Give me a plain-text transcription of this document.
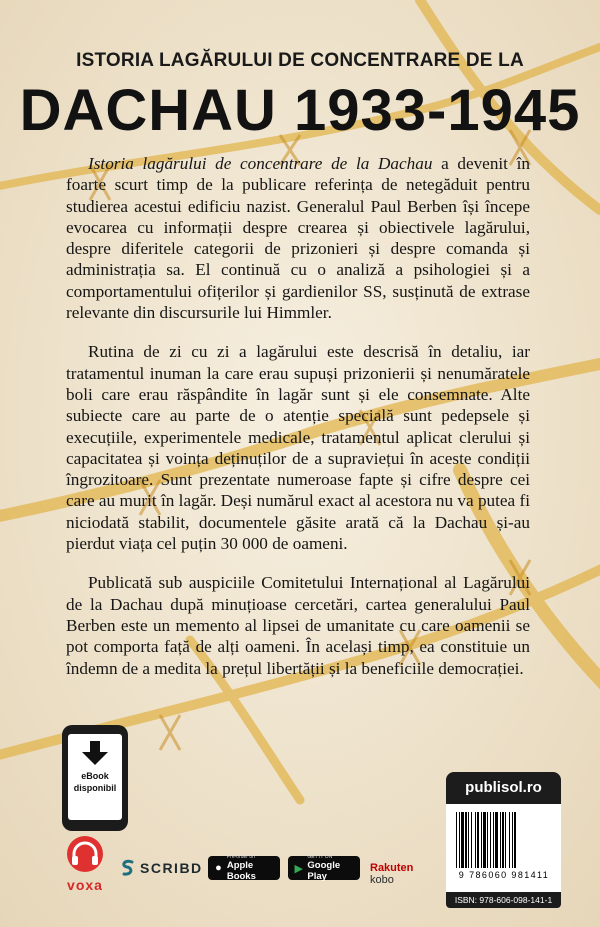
ISTORIA LAGĂRULUI DE CONCENTRARE DE LA
DACHAU 1933-1945

Istoria lagărului de concentrare de la Dachau a devenit în foarte scurt timp de la publicare referința de netegăduit pentru studierea acestui edificiu nazist. Generalul Paul Berben își începe evocarea cu informații despre crearea și obiectivele lagărului, despre diferitele categorii de prizonieri și despre comanda și administrația sa. El continuă cu o analiză a psihologiei și a comportamentului ofițerilor și gardienilor SS, susținută de extrase relevante din discursurile lui Himmler.

Rutina de zi cu zi a lagărului este descrisă în detaliu, iar tratamentul inuman la care erau supuși prizonierii și nenumăratele boli care erau răspândite în lagăr sunt și ele consemnate. Alte subiecte care au parte de o atenție specială sunt pedepsele și execuțiile, experimentele medicale, tratamentul aplicat clerului și capacitatea și voința deținuților de a supraviețui în aceste condiții îngrozitoare. Sunt prezentate numeroase fapte și cifre despre cei care au murit în lagăr. Deși numărul exact al acestora nu va putea fi niciodată stabilit, documentele găsite arată că la Dachau și-au pierdut viața cel puțin 30 000 de oameni.

Publicată sub auspiciile Comitetului Internațional al Lagărului de la Dachau după minuțioase cercetări, cartea generalului Paul Berben este un memento al lipsei de umanitate cu care oamenii se pot comporta față de alți oameni. În același timp, ea constituie un îndemn de a medita la prețul libertății și la beneficiile democrației.

eBook
disponibil
voxa
SCRIBD ●
Pre-order on
Apple Books
▶
GET IT ON
Google Play
Rakuten kobo
publisol.ro
9 786060 981411
ISBN: 978-606-098-141-1
